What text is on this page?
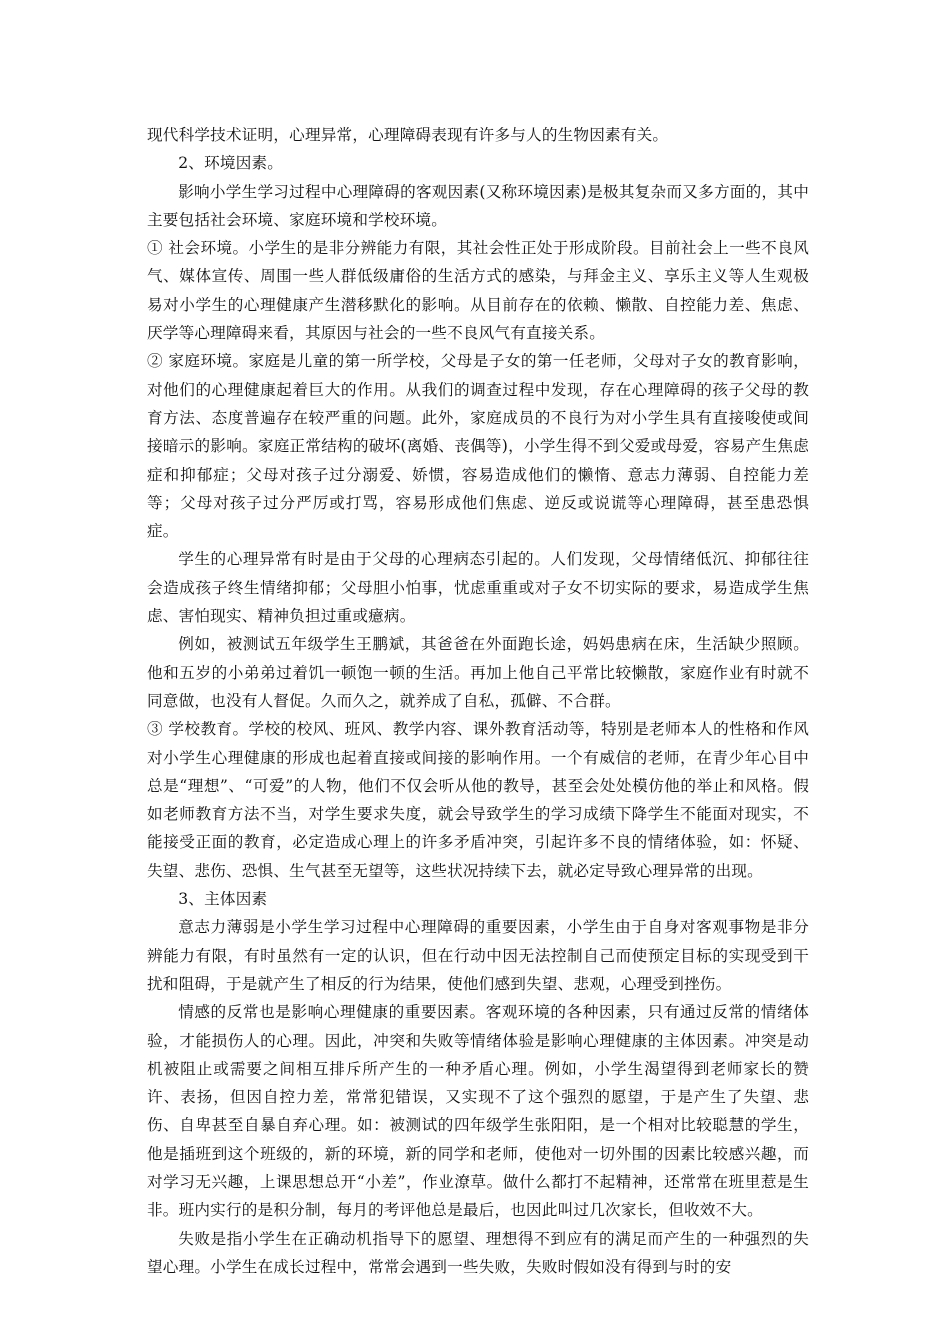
现代科学技术证明，心理异常，心理障碍表现有许多与人的生物因素有关。

2、环境因素。

影响小学生学习过程中心理障碍的客观因素(又称环境因素)是极其复杂而又多方面的，其中主要包括社会环境、家庭环境和学校环境。

① 社会环境。小学生的是非分辨能力有限，其社会性正处于形成阶段。目前社会上一些不良风气、媒体宣传、周围一些人群低级庸俗的生活方式的感染，与拜金主义、享乐主义等人生观极易对小学生的心理健康产生潜移默化的影响。从目前存在的依赖、懒散、自控能力差、焦虑、厌学等心理障碍来看，其原因与社会的一些不良风气有直接关系。

② 家庭环境。家庭是儿童的第一所学校，父母是子女的第一任老师，父母对子女的教育影响，对他们的心理健康起着巨大的作用。从我们的调查过程中发现，存在心理障碍的孩子父母的教育方法、态度普遍存在较严重的问题。此外，家庭成员的不良行为对小学生具有直接唆使或间接暗示的影响。家庭正常结构的破坏(离婚、丧偶等)，小学生得不到父爱或母爱，容易产生焦虑症和抑郁症；父母对孩子过分溺爱、娇惯，容易造成他们的懒惰、意志力薄弱、自控能力差等；父母对孩子过分严厉或打骂，容易形成他们焦虑、逆反或说谎等心理障碍，甚至患恐惧症。

学生的心理异常有时是由于父母的心理病态引起的。人们发现，父母情绪低沉、抑郁往往会造成孩子终生情绪抑郁；父母胆小怕事，忧虑重重或对子女不切实际的要求，易造成学生焦虑、害怕现实、精神负担过重或癔病。

例如，被测试五年级学生王鹏斌，其爸爸在外面跑长途，妈妈患病在床，生活缺少照顾。他和五岁的小弟弟过着饥一顿饱一顿的生活。再加上他自己平常比较懒散，家庭作业有时就不同意做，也没有人督促。久而久之，就养成了自私，孤僻、不合群。

③ 学校教育。学校的校风、班风、教学内容、课外教育活动等，特别是老师本人的性格和作风对小学生心理健康的形成也起着直接或间接的影响作用。一个有威信的老师，在青少年心目中总是“理想”、“可爱”的人物，他们不仅会听从他的教导，甚至会处处模仿他的举止和风格。假如老师教育方法不当，对学生要求失度，就会导致学生的学习成绩下降学生不能面对现实，不能接受正面的教育，必定造成心理上的许多矛盾冲突，引起许多不良的情绪体验，如：怀疑、失望、悲伤、恐惧、生气甚至无望等，这些状况持续下去，就必定导致心理异常的出现。

3、主体因素

意志力薄弱是小学生学习过程中心理障碍的重要因素，小学生由于自身对客观事物是非分辨能力有限，有时虽然有一定的认识，但在行动中因无法控制自己而使预定目标的实现受到干扰和阻碍，于是就产生了相反的行为结果，使他们感到失望、悲观，心理受到挫伤。

情感的反常也是影响心理健康的重要因素。客观环境的各种因素，只有通过反常的情绪体验，才能损伤人的心理。因此，冲突和失败等情绪体验是影响心理健康的主体因素。冲突是动机被阻止或需要之间相互排斥所产生的一种矛盾心理。例如，小学生渴望得到老师家长的赞许、表扬，但因自控力差，常常犯错误，又实现不了这个强烈的愿望，于是产生了失望、悲伤、自卑甚至自暴自弃心理。如：被测试的四年级学生张阳阳，是一个相对比较聪慧的学生，他是插班到这个班级的，新的环境，新的同学和老师，使他对一切外围的因素比较感兴趣，而对学习无兴趣，上课思想总开“小差”，作业潦草。做什么都打不起精神，还常常在班里惹是生非。班内实行的是积分制，每月的考评他总是最后，也因此叫过几次家长，但收效不大。

失败是指小学生在正确动机指导下的愿望、理想得不到应有的满足而产生的一种强烈的失望心理。小学生在成长过程中，常常会遇到一些失败，失败时假如没有得到与时的安
